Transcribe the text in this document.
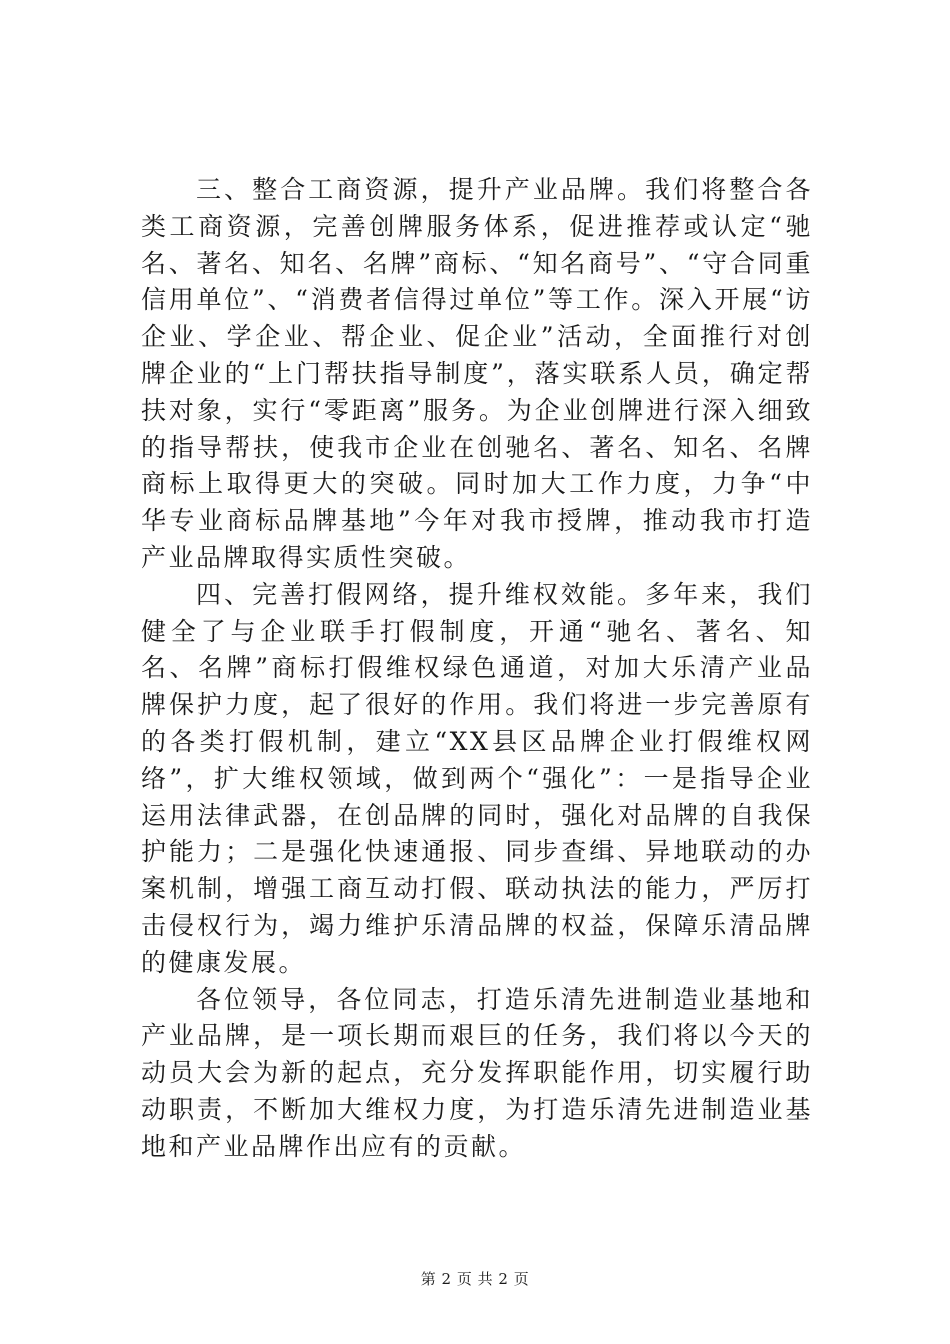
三、整合工商资源，提升产业品牌。我们将整合各类工商资源，完善创牌服务体系，促进推荐或认定“驰名、著名、知名、名牌”商标、“知名商号”、“守合同重信用单位”、“消费者信得过单位”等工作。深入开展“访企业、学企业、帮企业、促企业”活动，全面推行对创牌企业的“上门帮扶指导制度”，落实联系人员，确定帮扶对象，实行“零距离”服务。为企业创牌进行深入细致的指导帮扶，使我市企业在创驰名、著名、知名、名牌商标上取得更大的突破。同时加大工作力度，力争“中华专业商标品牌基地”今年对我市授牌，推动我市打造产业品牌取得实质性突破。

四、完善打假网络，提升维权效能。多年来，我们健全了与企业联手打假制度，开通“驰名、著名、知名、名牌”商标打假维权绿色通道，对加大乐清产业品牌保护力度，起了很好的作用。我们将进一步完善原有的各类打假机制，建立“XX县区品牌企业打假维权网络”，扩大维权领域，做到两个“强化”：一是指导企业运用法律武器，在创品牌的同时，强化对品牌的自我保护能力；二是强化快速通报、同步查缉、异地联动的办案机制，增强工商互动打假、联动执法的能力，严厉打击侵权行为，竭力维护乐清品牌的权益，保障乐清品牌的健康发展。

各位领导，各位同志，打造乐清先进制造业基地和产业品牌，是一项长期而艰巨的任务，我们将以今天的动员大会为新的起点，充分发挥职能作用，切实履行助动职责，不断加大维权力度，为打造乐清先进制造业基地和产业品牌作出应有的贡献。

第 2 页 共 2 页
